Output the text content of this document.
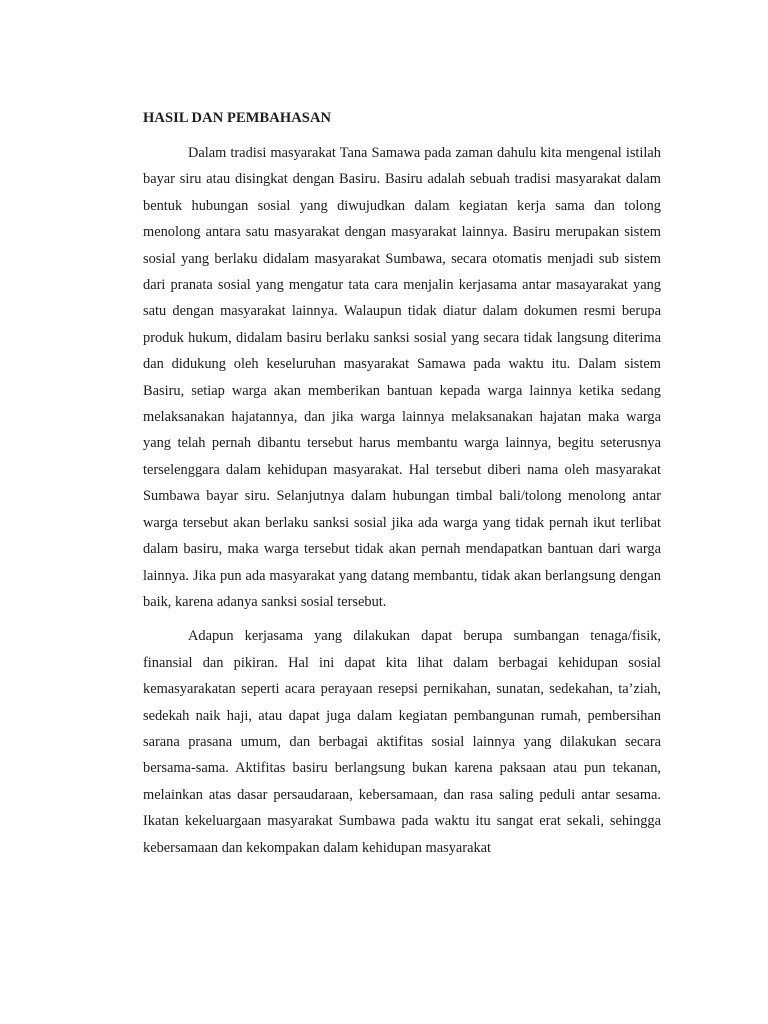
HASIL DAN PEMBAHASAN

Dalam tradisi masyarakat Tana Samawa pada zaman dahulu kita mengenal istilah bayar siru atau disingkat dengan Basiru. Basiru adalah sebuah tradisi masyarakat dalam bentuk hubungan sosial yang diwujudkan dalam kegiatan kerja sama dan tolong menolong antara satu masyarakat dengan masyarakat lainnya. Basiru merupakan sistem sosial yang berlaku didalam masyarakat Sumbawa, secara otomatis menjadi sub sistem dari pranata sosial yang mengatur tata cara menjalin kerjasama antar masayarakat yang satu dengan masyarakat lainnya. Walaupun tidak diatur dalam dokumen resmi berupa produk hukum, didalam basiru berlaku sanksi sosial yang secara tidak langsung diterima dan didukung oleh keseluruhan masyarakat Samawa pada waktu itu. Dalam sistem Basiru, setiap warga akan memberikan bantuan kepada warga lainnya ketika sedang melaksanakan hajatannya, dan jika warga lainnya melaksanakan hajatan maka warga yang telah pernah dibantu tersebut harus membantu warga lainnya, begitu seterusnya terselenggara dalam kehidupan masyarakat. Hal tersebut diberi nama oleh masyarakat Sumbawa bayar siru. Selanjutnya dalam hubungan timbal bali/tolong menolong antar warga tersebut akan berlaku sanksi sosial jika ada warga yang tidak pernah ikut terlibat dalam basiru, maka warga tersebut tidak akan pernah mendapatkan bantuan dari warga lainnya. Jika pun ada masyarakat yang datang membantu, tidak akan berlangsung dengan baik, karena adanya sanksi sosial tersebut.

Adapun kerjasama yang dilakukan dapat berupa sumbangan tenaga/fisik, finansial dan pikiran. Hal ini dapat kita lihat dalam berbagai kehidupan sosial kemasyarakatan seperti acara perayaan resepsi pernikahan, sunatan, sedekahan, ta’ziah, sedekah naik haji, atau dapat juga dalam kegiatan pembangunan rumah, pembersihan sarana prasana umum, dan berbagai aktifitas sosial lainnya yang dilakukan secara bersama-sama. Aktifitas basiru berlangsung bukan karena paksaan atau pun tekanan, melainkan atas dasar persaudaraan, kebersamaan, dan rasa saling peduli antar sesama. Ikatan kekeluargaan masyarakat Sumbawa pada waktu itu sangat erat sekali, sehingga kebersamaan dan kekompakan dalam kehidupan masyarakat
